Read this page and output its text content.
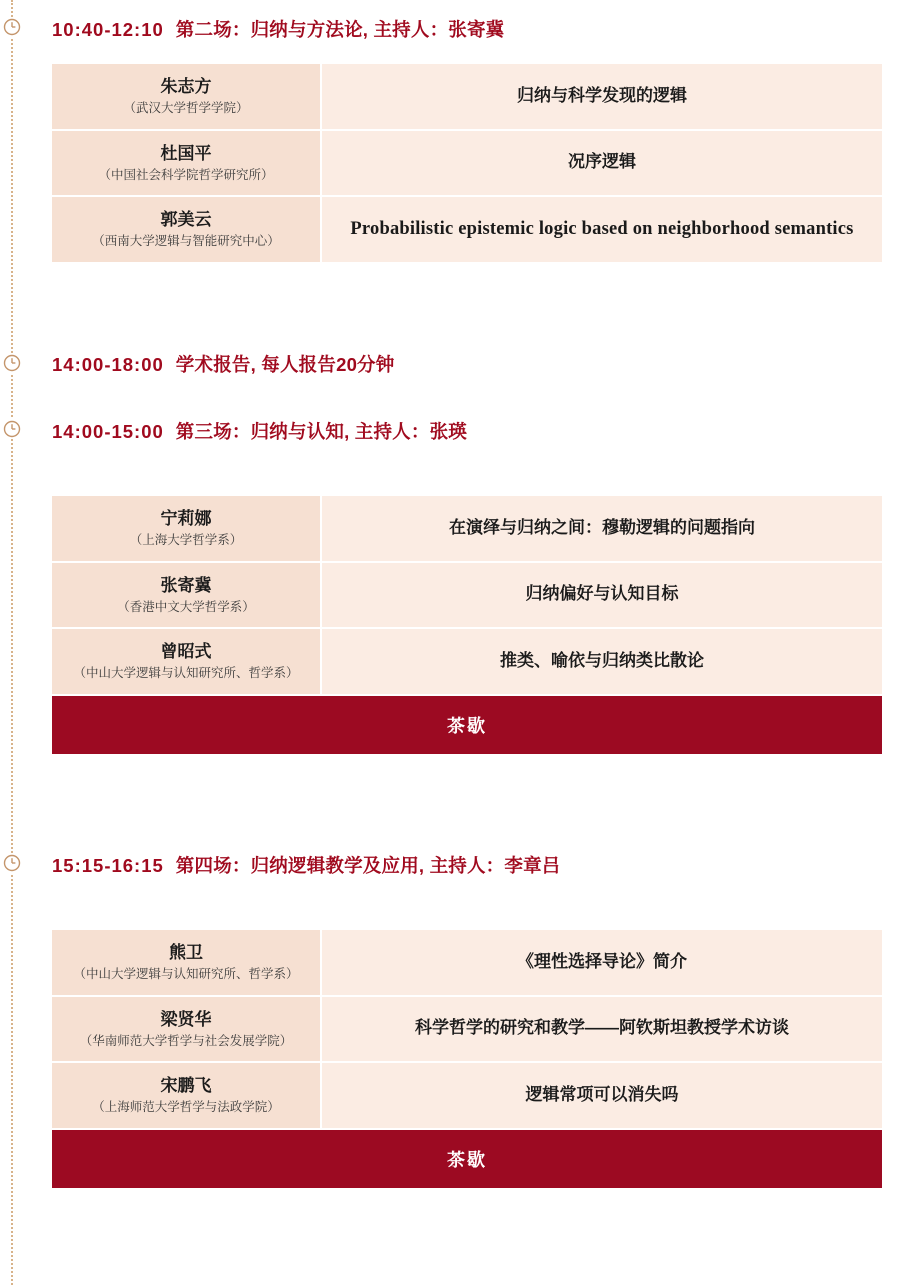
10:40-12:10 第二场：归纳与方法论, 主持人：张寄冀
朱志方
（武汉大学哲学学院）
归纳与科学发现的逻辑
杜国平
（中国社会科学院哲学研究所）
况序逻辑
郭美云
（西南大学逻辑与智能研究中心）
Probabilistic epistemic logic based on neighborhood semantics
14:00-18:00 学术报告, 每人报告20分钟
14:00-15:00 第三场：归纳与认知, 主持人：张瑛
宁莉娜
（上海大学哲学系）
在演绎与归纳之间：穆勒逻辑的问题指向
张寄冀
（香港中文大学哲学系）
归纳偏好与认知目标
曾昭式
（中山大学逻辑与认知研究所、哲学系）
推类、喻依与归纳类比散论
茶歇
15:15-16:15 第四场：归纳逻辑教学及应用, 主持人：李章吕
熊卫
（中山大学逻辑与认知研究所、哲学系）
《理性选择导论》简介
梁贤华
（华南师范大学哲学与社会发展学院）
科学哲学的研究和教学——阿钦斯坦教授学术访谈
宋鹏飞
（上海师范大学哲学与法政学院）
逻辑常项可以消失吗
茶歇
